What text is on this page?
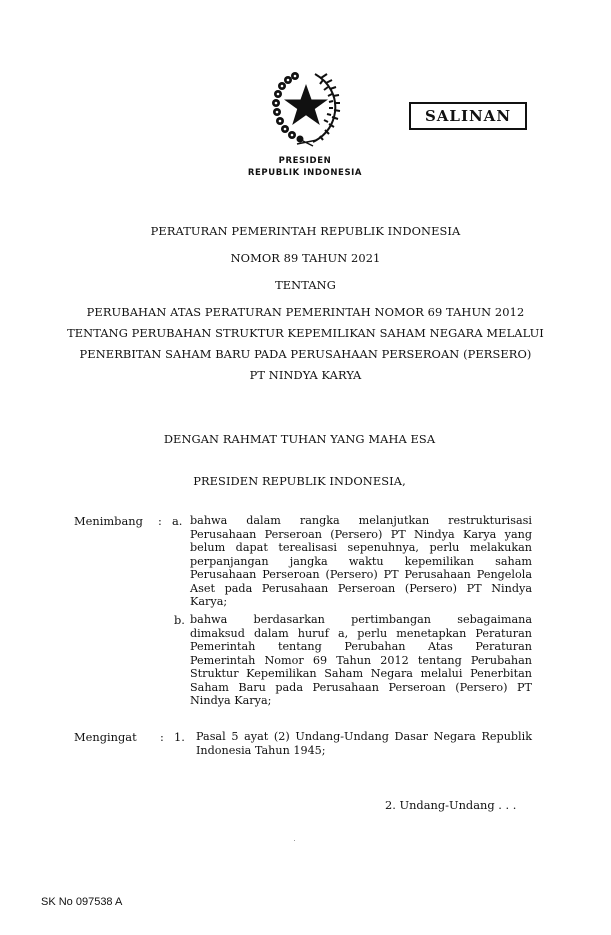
SALINAN
PRESIDEN
REPUBLIK INDONESIA
PERATURAN PEMERINTAH REPUBLIK INDONESIA
NOMOR 89 TAHUN 2021
TENTANG
PERUBAHAN ATAS PERATURAN PEMERINTAH NOMOR 69 TAHUN 2012
TENTANG PERUBAHAN STRUKTUR KEPEMILIKAN SAHAM NEGARA MELALUI
PENERBITAN SAHAM BARU PADA PERUSAHAAN PERSEROAN (PERSERO)
PT NINDYA KARYA
DENGAN RAHMAT TUHAN YANG MAHA ESA
PRESIDEN REPUBLIK INDONESIA,
Menimbang : a. bahwa dalam rangka melanjutkan restrukturisasi
Perusahaan Perseroan (Persero) PT Nindya Karya yang
belum dapat terealisasi sepenuhnya, perlu melakukan
perpanjangan jangka waktu kepemilikan saham
Perusahaan Perseroan (Persero) PT Perusahaan Pengelola
Aset pada Perusahaan Perseroan (Persero) PT Nindya
Karya;
b. bahwa berdasarkan pertimbangan sebagaimana
dimaksud dalam huruf a, perlu menetapkan Peraturan
Pemerintah tentang Perubahan Atas Peraturan
Pemerintah Nomor 69 Tahun 2012 tentang Perubahan
Struktur Kepemilikan Saham Negara melalui Penerbitan
Saham Baru pada Perusahaan Perseroan (Persero) PT
Nindya Karya;
Mengingat : 1. Pasal 5 ayat (2) Undang-Undang Dasar Negara Republik
Indonesia Tahun 1945;
2. Undang-Undang . . .
SK No 097538 A
